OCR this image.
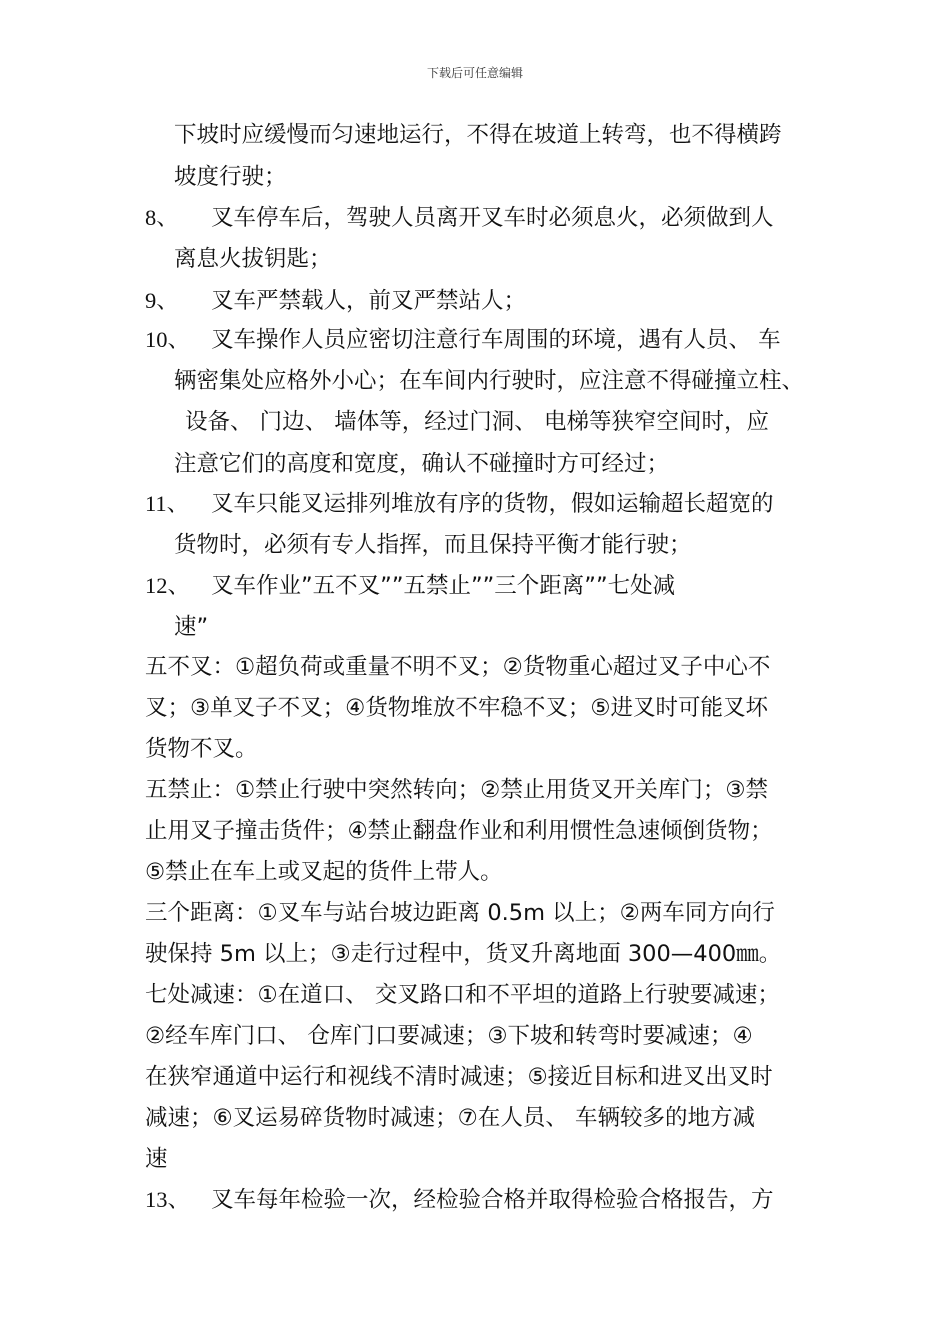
下载后可任意编辑
下坡时应缓慢而匀速地运行，不得在坡道上转弯，也不得横跨
坡度行驶；
8、 叉车停车后，驾驶人员离开叉车时必须息火，必须做到人
离息火拔钥匙；
9、 叉车严禁载人，前叉严禁站人；
10、 叉车操作人员应密切注意行车周围的环境，遇有人员、 车
辆密集处应格外小心；在车间内行驶时，应注意不得碰撞立柱、
设备、 门边、 墙体等，经过门洞、 电梯等狭窄空间时，应
注意它们的高度和宽度，确认不碰撞时方可经过；
11、 叉车只能叉运排列堆放有序的货物，假如运输超长超宽的
货物时，必须有专人指挥，而且保持平衡才能行驶；
12、 叉车作业”五不叉””五禁止””三个距离””七处减
速”
五不叉：①超负荷或重量不明不叉；②货物重心超过叉子中心不
叉；③单叉子不叉；④货物堆放不牢稳不叉；⑤进叉时可能叉坏
货物不叉。
五禁止：①禁止行驶中突然转向；②禁止用货叉开关库门；③禁
止用叉子撞击货件；④禁止翻盘作业和利用惯性急速倾倒货物；
⑤禁止在车上或叉起的货件上带人。
三个距离：①叉车与站台坡边距离 0.5m 以上；②两车同方向行
驶保持 5m 以上；③走行过程中，货叉升离地面 300—400㎜。
七处减速：①在道口、 交叉路口和不平坦的道路上行驶要减速；
②经车库门口、 仓库门口要减速；③下坡和转弯时要减速；④
在狭窄通道中运行和视线不清时减速；⑤接近目标和进叉出叉时
减速；⑥叉运易碎货物时减速；⑦在人员、 车辆较多的地方减
速
13、 叉车每年检验一次，经检验合格并取得检验合格报告，方
